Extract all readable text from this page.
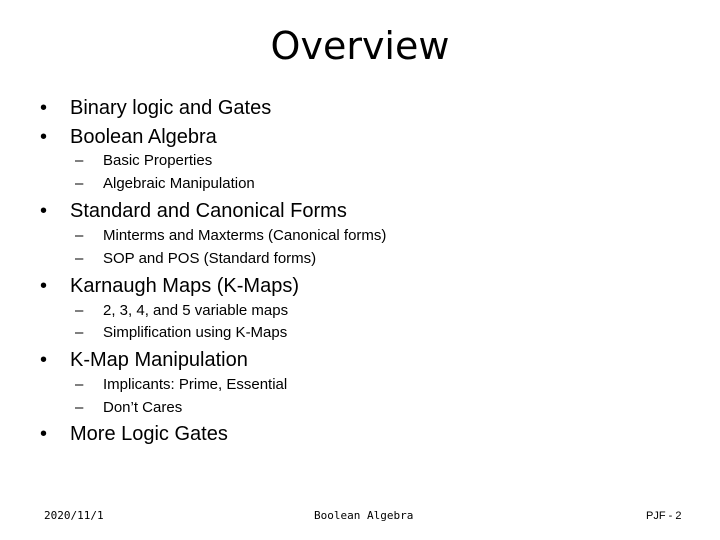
Overview
• Binary logic and Gates
• Boolean Algebra
– Basic Properties
– Algebraic Manipulation
• Standard and Canonical Forms
– Minterms and Maxterms (Canonical forms)
– SOP and POS (Standard forms)
• Karnaugh Maps (K-Maps)
– 2, 3, 4, and 5 variable maps
– Simplification using K-Maps
• K-Map Manipulation
– Implicants: Prime, Essential
– Don’t Cares
• More Logic Gates
2020/11/1	Boolean Algebra	PJF - 2
